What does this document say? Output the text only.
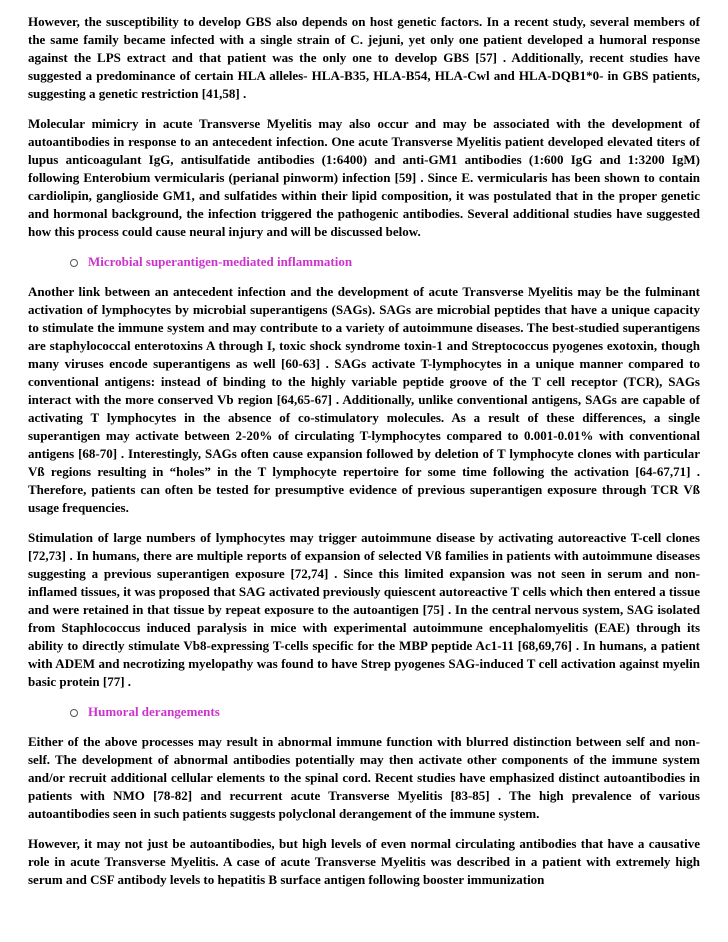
However, the susceptibility to develop GBS also depends on host genetic factors. In a recent study, several members of the same family became infected with a single strain of C. jejuni, yet only one patient developed a humoral response against the LPS extract and that patient was the only one to develop GBS [57] . Additionally, recent studies have suggested a predominance of certain HLA alleles- HLA-B35, HLA-B54, HLA-Cwl and HLA-DQB1*0- in GBS patients, suggesting a genetic restriction [41,58] .

Molecular mimicry in acute Transverse Myelitis may also occur and may be associated with the development of autoantibodies in response to an antecedent infection. One acute Transverse Myelitis patient developed elevated titers of lupus anticoagulant IgG, antisulfatide antibodies (1:6400) and anti-GM1 antibodies (1:600 IgG and 1:3200 IgM) following Enterobium vermicularis (perianal pinworm) infection [59] . Since E. vermicularis has been shown to contain cardiolipin, ganglioside GM1, and sulfatides within their lipid composition, it was postulated that in the proper genetic and hormonal background, the infection triggered the pathogenic antibodies. Several additional studies have suggested how this process could cause neural injury and will be discussed below.

Microbial superantigen-mediated inflammation

Another link between an antecedent infection and the development of acute Transverse Myelitis may be the fulminant activation of lymphocytes by microbial superantigens (SAGs). SAGs are microbial peptides that have a unique capacity to stimulate the immune system and may contribute to a variety of autoimmune diseases. The best-studied superantigens are staphylococcal enterotoxins A through I, toxic shock syndrome toxin-1 and Streptococcus pyogenes exotoxin, though many viruses encode superantigens as well [60-63] . SAGs activate T-lymphocytes in a unique manner compared to conventional antigens: instead of binding to the highly variable peptide groove of the T cell receptor (TCR), SAGs interact with the more conserved Vb region [64,65-67] . Additionally, unlike conventional antigens, SAGs are capable of activating T lymphocytes in the absence of co-stimulatory molecules. As a result of these differences, a single superantigen may activate between 2-20% of circulating T-lymphocytes compared to 0.001-0.01% with conventional antigens [68-70] . Interestingly, SAGs often cause expansion followed by deletion of T lymphocyte clones with particular Vß regions resulting in “holes” in the T lymphocyte repertoire for some time following the activation [64-67,71] . Therefore, patients can often be tested for presumptive evidence of previous superantigen exposure through TCR Vß usage frequencies.

Stimulation of large numbers of lymphocytes may trigger autoimmune disease by activating autoreactive T-cell clones [72,73] . In humans, there are multiple reports of expansion of selected Vß families in patients with autoimmune diseases suggesting a previous superantigen exposure [72,74] . Since this limited expansion was not seen in serum and non-inflamed tissues, it was proposed that SAG activated previously quiescent autoreactive T cells which then entered a tissue and were retained in that tissue by repeat exposure to the autoantigen [75] . In the central nervous system, SAG isolated from Staphlococcus induced paralysis in mice with experimental autoimmune encephalomyelitis (EAE) through its ability to directly stimulate Vb8-expressing T-cells specific for the MBP peptide Ac1-11 [68,69,76] . In humans, a patient with ADEM and necrotizing myelopathy was found to have Strep pyogenes SAG-induced T cell activation against myelin basic protein [77] .

Humoral derangements

Either of the above processes may result in abnormal immune function with blurred distinction between self and non-self. The development of abnormal antibodies potentially may then activate other components of the immune system and/or recruit additional cellular elements to the spinal cord. Recent studies have emphasized distinct autoantibodies in patients with NMO [78-82] and recurrent acute Transverse Myelitis [83-85] . The high prevalence of various autoantibodies seen in such patients suggests polyclonal derangement of the immune system.

However, it may not just be autoantibodies, but high levels of even normal circulating antibodies that have a causative role in acute Transverse Myelitis. A case of acute Transverse Myelitis was described in a patient with extremely high serum and CSF antibody levels to hepatitis B surface antigen following booster immunization
